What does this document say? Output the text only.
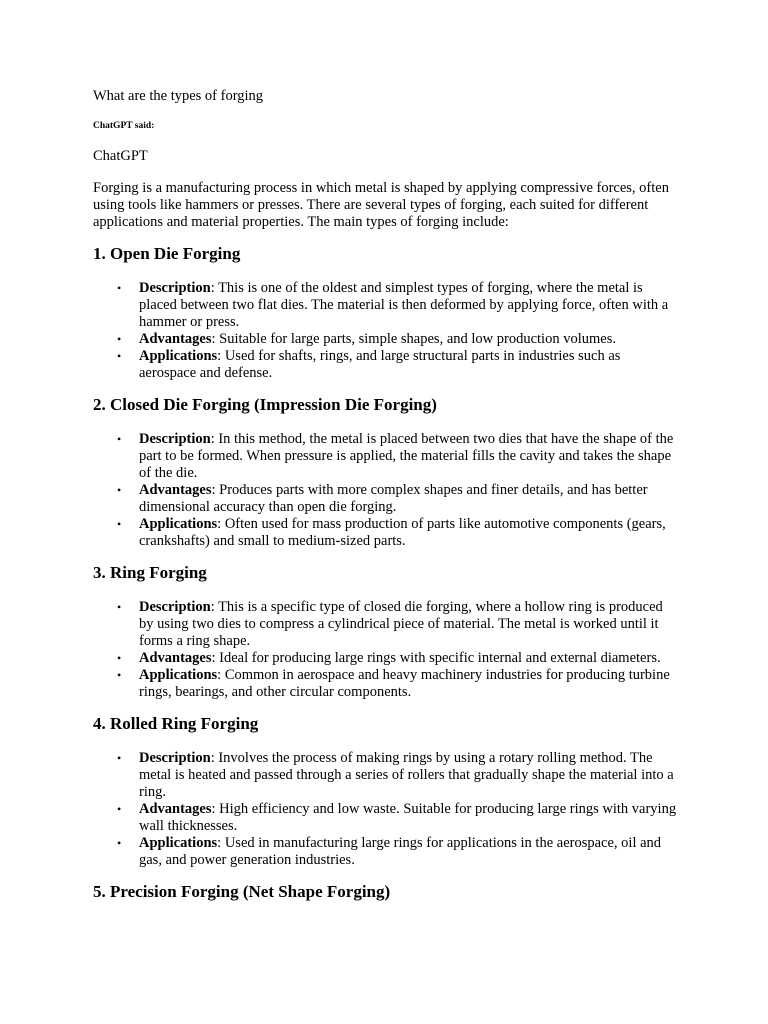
What are the types of forging

ChatGPT said:

ChatGPT

Forging is a manufacturing process in which metal is shaped by applying compressive forces, often using tools like hammers or presses. There are several types of forging, each suited for different applications and material properties. The main types of forging include:

1. Open Die Forging
• Description: This is one of the oldest and simplest types of forging, where the metal is placed between two flat dies. The material is then deformed by applying force, often with a hammer or press.
• Advantages: Suitable for large parts, simple shapes, and low production volumes.
• Applications: Used for shafts, rings, and large structural parts in industries such as aerospace and defense.
2. Closed Die Forging (Impression Die Forging)
• Description: In this method, the metal is placed between two dies that have the shape of the part to be formed. When pressure is applied, the material fills the cavity and takes the shape of the die.
• Advantages: Produces parts with more complex shapes and finer details, and has better dimensional accuracy than open die forging.
• Applications: Often used for mass production of parts like automotive components (gears, crankshafts) and small to medium-sized parts.
3. Ring Forging
• Description: This is a specific type of closed die forging, where a hollow ring is produced by using two dies to compress a cylindrical piece of material. The metal is worked until it forms a ring shape.
• Advantages: Ideal for producing large rings with specific internal and external diameters.
• Applications: Common in aerospace and heavy machinery industries for producing turbine rings, bearings, and other circular components.
4. Rolled Ring Forging
• Description: Involves the process of making rings by using a rotary rolling method. The metal is heated and passed through a series of rollers that gradually shape the material into a ring.
• Advantages: High efficiency and low waste. Suitable for producing large rings with varying wall thicknesses.
• Applications: Used in manufacturing large rings for applications in the aerospace, oil and gas, and power generation industries.
5. Precision Forging (Net Shape Forging)
